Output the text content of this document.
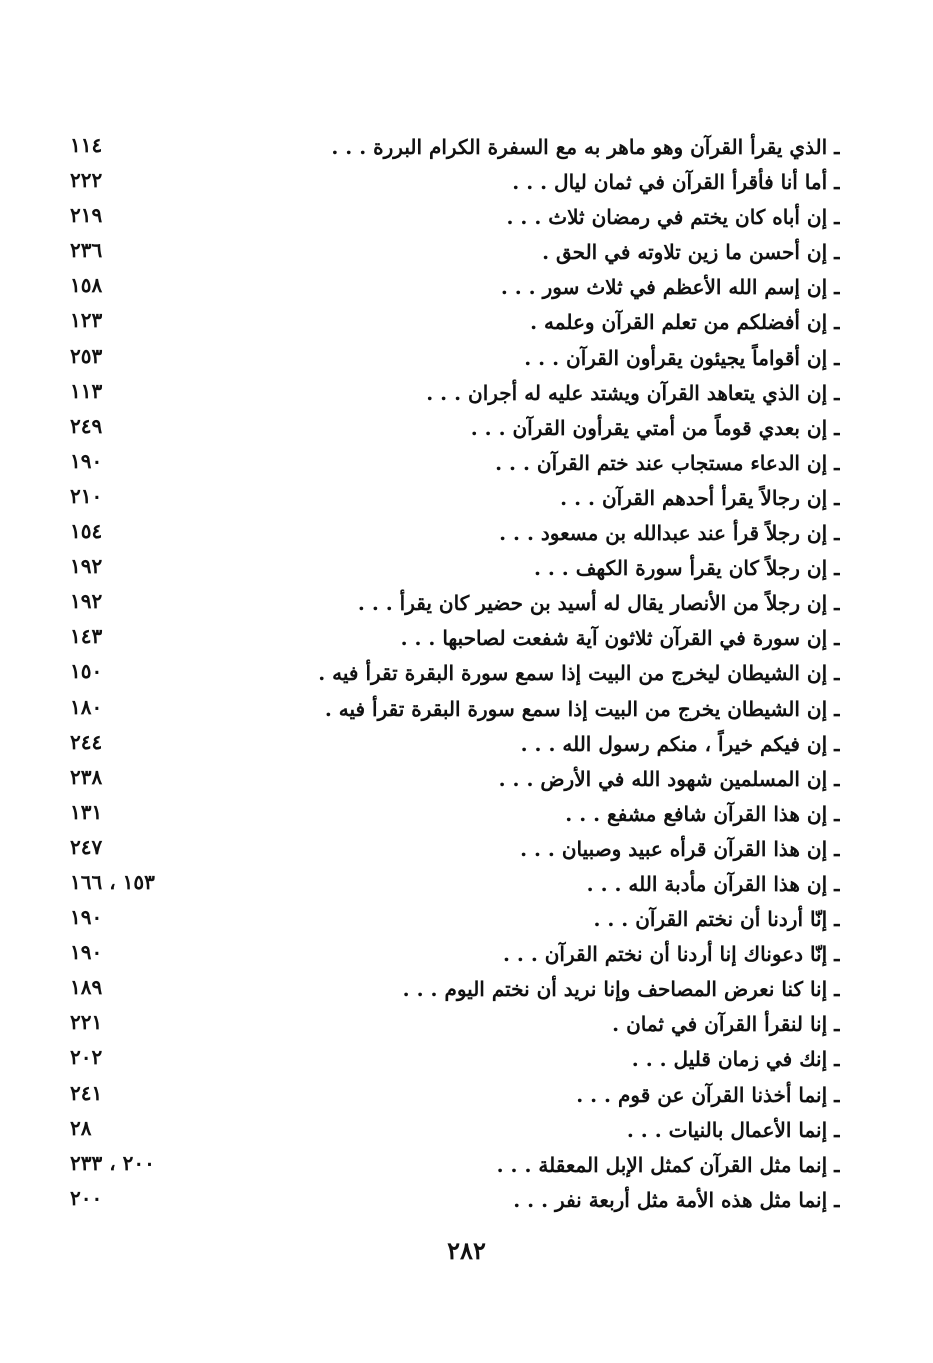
ـ الذي يقرأ القرآن وهو ماهر به مع السفرة الكرام البررة . . .
١١٤
ـ أما أنا فأقرأ القرآن في ثمان ليال . . .
٢٢٢
ـ إن أباه كان يختم في رمضان ثلاث . . .
٢١٩
ـ إن أحسن ما زين تلاوته في الحق .
٢٣٦
ـ إن إسم الله الأعظم في ثلاث سور . . .
١٥٨
ـ إن أفضلكم من تعلم القرآن وعلمه .
١٢٣
ـ إن أقواماً يجيئون يقرأون القرآن . . .
٢٥٣
ـ إن الذي يتعاهد القرآن ويشتد عليه له أجران . . .
١١٣
ـ إن بعدي قوماً من أمتي يقرأون القرآن . . .
٢٤٩
ـ إن الدعاء مستجاب عند ختم القرآن . . .
١٩٠
ـ إن رجالاً يقرأ أحدهم القرآن . . .
٢١٠
ـ إن رجلاً قرأ عند عبدالله بن مسعود . . .
١٥٤
ـ إن رجلاً كان يقرأ سورة الكهف . . .
١٩٢
ـ إن رجلاً من الأنصار يقال له أسيد بن حضير كان يقرأ . . .
١٩٢
ـ إن سورة في القرآن ثلاثون آية شفعت لصاحبها . . .
١٤٣
ـ إن الشيطان ليخرج من البيت إذا سمع سورة البقرة تقرأ فيه .
١٥٠
ـ إن الشيطان يخرج من البيت إذا سمع سورة البقرة تقرأ فيه .
١٨٠
ـ إن فيكم خيراً ، منكم رسول الله . . .
٢٤٤
ـ إن المسلمين شهود الله في الأرض . . .
٢٣٨
ـ إن هذا القرآن شافع مشفع . . .
١٣١
ـ إن هذا القرآن قرأه عبيد وصبيان . . .
٢٤٧
ـ إن هذا القرآن مأدبة الله . . .
١٥٣ ، ١٦٦
ـ إنّا أردنا أن نختم القرآن . . .
١٩٠
ـ إنّا دعوناك إنا أردنا أن نختم القرآن . . .
١٩٠
ـ إنا كنا نعرض المصاحف وإنا نريد أن نختم اليوم . . .
١٨٩
ـ إنا لنقرأ القرآن في ثمان .
٢٢١
ـ إنك في زمان قليل . . .
٢٠٢
ـ إنما أخذنا القرآن عن قوم . . .
٢٤١
ـ إنما الأعمال بالنيات . . .
٢٨
ـ إنما مثل القرآن كمثل الإبل المعقلة . . .
٢٠٠ ، ٢٣٣
ـ إنما مثل هذه الأمة مثل أربعة نفر . . .
٢٠٠
٢٨٢
